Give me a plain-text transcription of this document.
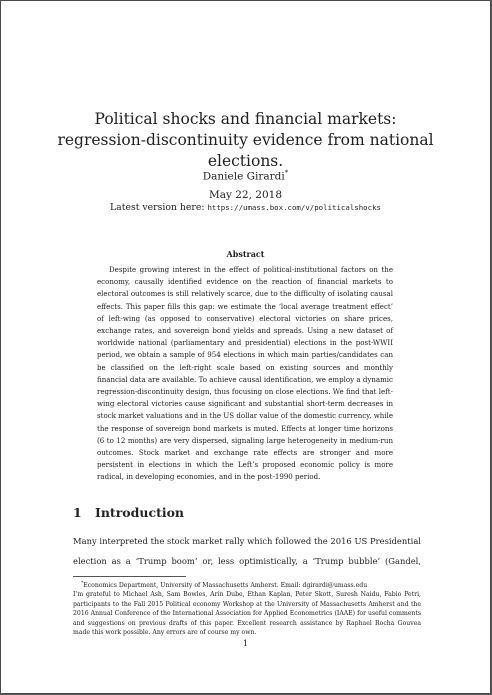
Political shocks and financial markets:
regression-discontinuity evidence from national elections.
Daniele Girardi*
May 22, 2018
Latest version here: https://umass.box.com/v/politicalshocks
Abstract

Despite growing interest in the effect of political-institutional factors on the economy, causally identified evidence on the reaction of financial markets to electoral outcomes is still relatively scarce, due to the difficulty of isolating causal effects. This paper fills this gap: we estimate the ‘local average treatment effect’ of left-wing (as opposed to conservative) electoral victories on share prices, exchange rates, and sovereign bond yields and spreads. Using a new dataset of worldwide national (parliamentary and presidential) elections in the post-WWII period, we obtain a sample of 954 elections in which main parties/candidates can be classified on the left-right scale based on existing sources and monthly financial data are available. To achieve causal identification, we employ a dynamic regression-discontinuity design, thus focusing on close elections. We find that left-wing electoral victories cause significant and substantial short-term decreases in stock market valuations and in the US dollar value of the domestic currency, while the response of sovereign bond markets is muted. Effects at longer time horizons (6 to 12 months) are very dispersed, signaling large heterogeneity in medium-run outcomes. Stock market and exchange rate effects are stronger and more persistent in elections in which the Left’s proposed economic policy is more radical, in developing economies, and in the post-1990 period.

1 Introduction

Many interpreted the stock market rally which followed the 2016 US Presidential election as a ‘Trump boom’ or, less optimistically, a ‘Trump bubble’ (Gandel,

*Economics Department, University of Massachusetts Amherst. Email: dgirardi@umass.edu

I’m grateful to Michael Ash, Sam Bowles, Arin Dube, Ethan Kaplan, Peter Skott, Suresh Naidu, Fabio Petri, participants to the Fall 2015 Political economy Workshop at the University of Massachusetts Amherst and the 2016 Annual Conference of the International Association for Applied Econometrics (IAAE) for useful comments and suggestions on previous drafts of this paper. Excellent research assistance by Raphael Rocha Gouvea made this work possible. Any errors are of course my own.

1
